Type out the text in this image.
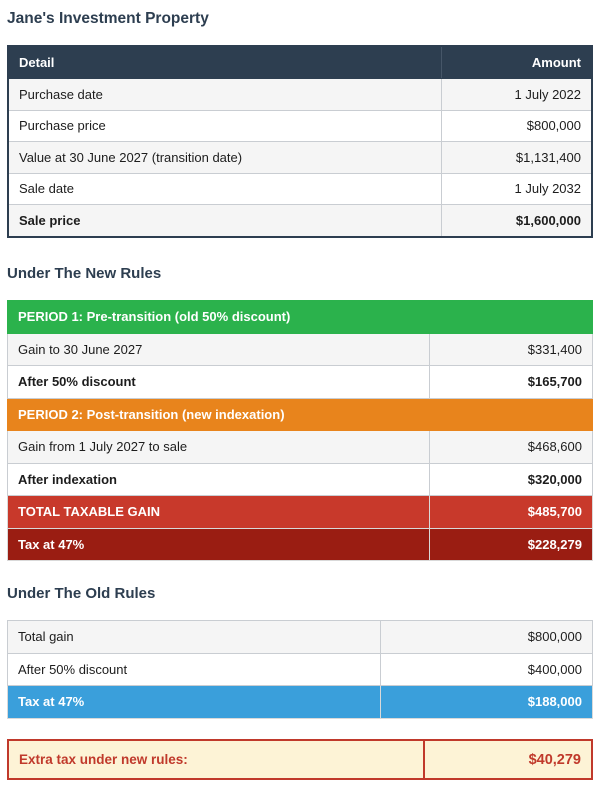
Jane's Investment Property
Detail	Amount
Purchase date	1 July 2022
Purchase price	$800,000
Value at 30 June 2027 (transition date)	$1,131,400
Sale date	1 July 2032
Sale price	$1,600,000
Under The New Rules
PERIOD 1: Pre-transition (old 50% discount)	
Gain to 30 June 2027	$331,400
After 50% discount	$165,700
PERIOD 2: Post-transition (new indexation)	
Gain from 1 July 2027 to sale	$468,600
After indexation	$320,000
TOTAL TAXABLE GAIN	$485,700
Tax at 47%	$228,279
Under The Old Rules
Total gain	$800,000
After 50% discount	$400,000
Tax at 47%	$188,000
Extra tax under new rules:	$40,279
